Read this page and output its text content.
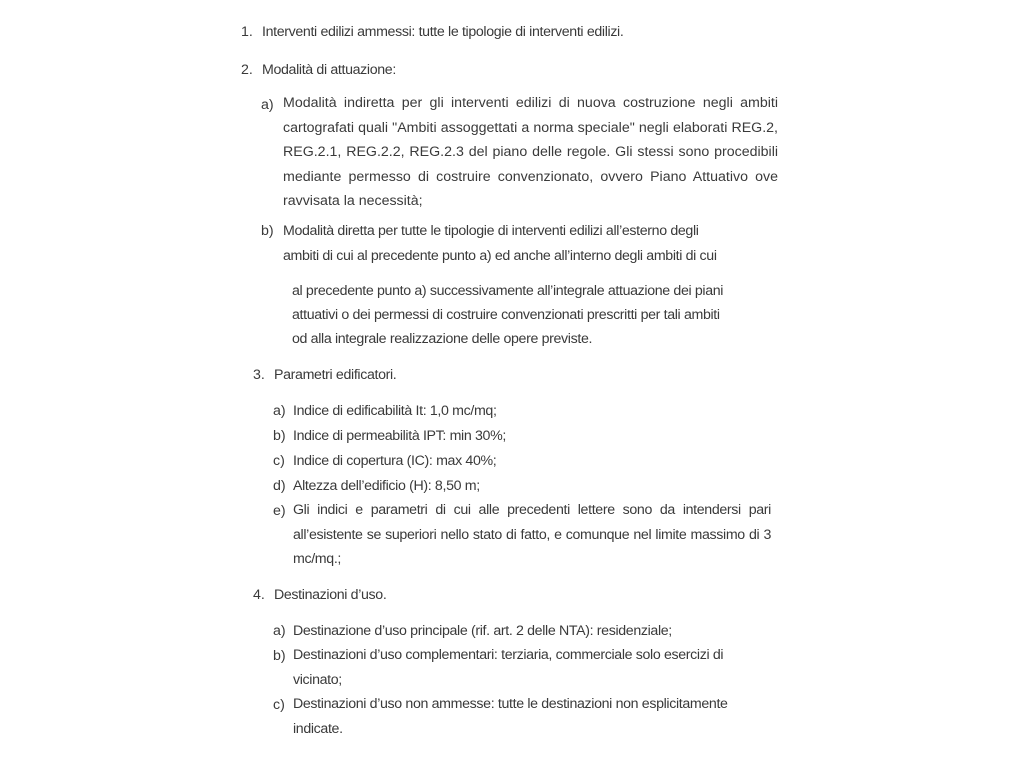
1. Interventi edilizi ammessi: tutte le tipologie di interventi edilizi.
2. Modalità di attuazione:
a) Modalità indiretta per gli interventi edilizi di nuova costruzione negli ambiti cartografati quali "Ambiti assoggettati a norma speciale" negli elaborati REG.2, REG.2.1, REG.2.2, REG.2.3 del piano delle regole. Gli stessi sono procedibili mediante permesso di costruire convenzionato, ovvero Piano Attuativo ove ravvisata la necessità;
b) Modalità diretta per tutte le tipologie di interventi edilizi all’esterno degli
ambiti di cui al precedente punto a) ed anche all’interno degli ambiti di cui
al precedente punto a) successivamente all’integrale attuazione dei piani
attuativi o dei permessi di costruire convenzionati prescritti per tali ambiti
od alla integrale realizzazione delle opere previste.
3. Parametri edificatori.
a) Indice di edificabilità It: 1,0 mc/mq;
b) Indice di permeabilità IPT: min 30%;
c) Indice di copertura (IC): max 40%;
d) Altezza dell’edificio (H): 8,50 m;
e) Gli indici e parametri di cui alle precedenti lettere sono da intendersi pari all’esistente se superiori nello stato di fatto, e comunque nel limite massimo di 3 mc/mq.;
4. Destinazioni d’uso.
a) Destinazione d’uso principale (rif. art. 2 delle NTA): residenziale;
b) Destinazioni d’uso complementari: terziaria, commerciale solo esercizi di vicinato;
c) Destinazioni d’uso non ammesse: tutte le destinazioni non esplicitamente indicate.
